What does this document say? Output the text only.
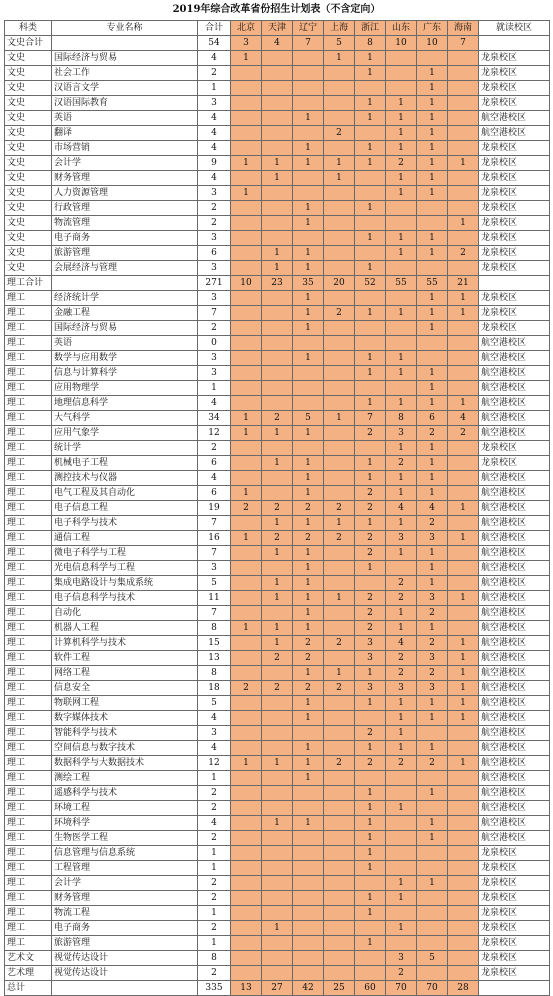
2019年综合改革省份招生计划表（不含定向）
科类	专业名称	合计	北京	天津	辽宁	上海	浙江	山东	广东	海南	就读校区
文史合计		54	3	4	7	5	8	10	10	7	
文史	国际经济与贸易	4	1			1	1				龙泉校区
文史	社会工作	2					1		1		龙泉校区
文史	汉语言文学	1							1		龙泉校区
文史	汉语国际教育	3					1	1	1		龙泉校区
文史	英语	4			1		1	1	1		航空港校区
文史	翻译	4				2		1	1		航空港校区
文史	市场营销	4			1		1	1	1		龙泉校区
文史	会计学	9	1	1	1	1	1	2	1	1	龙泉校区
文史	财务管理	4		1		1		1	1		龙泉校区
文史	人力资源管理	3	1					1	1		龙泉校区
文史	行政管理	2			1		1				龙泉校区
文史	物流管理	2			1					1	龙泉校区
文史	电子商务	3					1	1	1		龙泉校区
文史	旅游管理	6		1	1			1	1	2	龙泉校区
文史	会展经济与管理	3		1	1		1				龙泉校区
理工合计		271	10	23	35	20	52	55	55	21	
理工	经济统计学	3			1				1	1	龙泉校区
理工	金融工程	7			1	2	1	1	1	1	龙泉校区
理工	国际经济与贸易	2			1				1		龙泉校区
理工	英语	0									航空港校区
理工	数学与应用数学	3			1		1	1			航空港校区
理工	信息与计算科学	3					1	1	1		航空港校区
理工	应用物理学	1							1		航空港校区
理工	地理信息科学	4					1	1	1	1	航空港校区
理工	大气科学	34	1	2	5	1	7	8	6	4	航空港校区
理工	应用气象学	12	1	1	1		2	3	2	2	航空港校区
理工	统计学	2						1	1		龙泉校区
理工	机械电子工程	6		1	1		1	2	1		龙泉校区
理工	测控技术与仪器	4			1		1	1	1		航空港校区
理工	电气工程及其自动化	6	1		1		2	1	1		航空港校区
理工	电子信息工程	19	2	2	2	2	2	4	4	1	航空港校区
理工	电子科学与技术	7		1	1	1	1	1	2		航空港校区
理工	通信工程	16	1	2	2	2	2	3	3	1	航空港校区
理工	微电子科学与工程	7		1	1		2	1	1		航空港校区
理工	光电信息科学与工程	3			1		1		1		航空港校区
理工	集成电路设计与集成系统	5		1	1			2	1		航空港校区
理工	电子信息科学与技术	11		1	1	1	2	2	3	1	航空港校区
理工	自动化	7			1		2	1	2		航空港校区
理工	机器人工程	8	1	1	1		2	1	1		航空港校区
理工	计算机科学与技术	15		1	2	2	3	4	2	1	航空港校区
理工	软件工程	13		2	2		3	2	3	1	航空港校区
理工	网络工程	8			1	1	1	2	2	1	航空港校区
理工	信息安全	18	2	2	2	2	3	3	3	1	航空港校区
理工	物联网工程	5			1		1	1	1	1	航空港校区
理工	数字媒体技术	4			1			1	1	1	航空港校区
理工	智能科学与技术	3					2	1			航空港校区
理工	空间信息与数字技术	4			1		1	1	1		航空港校区
理工	数据科学与大数据技术	12	1	1	1	2	2	2	2	1	航空港校区
理工	测绘工程	1			1						航空港校区
理工	遥感科学与技术	2					1		1		航空港校区
理工	环境工程	2					1	1			航空港校区
理工	环境科学	4		1	1		1		1		航空港校区
理工	生物医学工程	2					1		1		航空港校区
理工	信息管理与信息系统	1					1				龙泉校区
理工	工程管理	1					1				龙泉校区
理工	会计学	2						1	1		龙泉校区
理工	财务管理	2					1	1			龙泉校区
理工	物流工程	1					1				龙泉校区
理工	电子商务	2		1				1			龙泉校区
理工	旅游管理	1					1				龙泉校区
艺术文	视觉传达设计	8						3	5		龙泉校区
艺术理	视觉传达设计	2						2			龙泉校区
总计		335	13	27	42	25	60	70	70	28	
